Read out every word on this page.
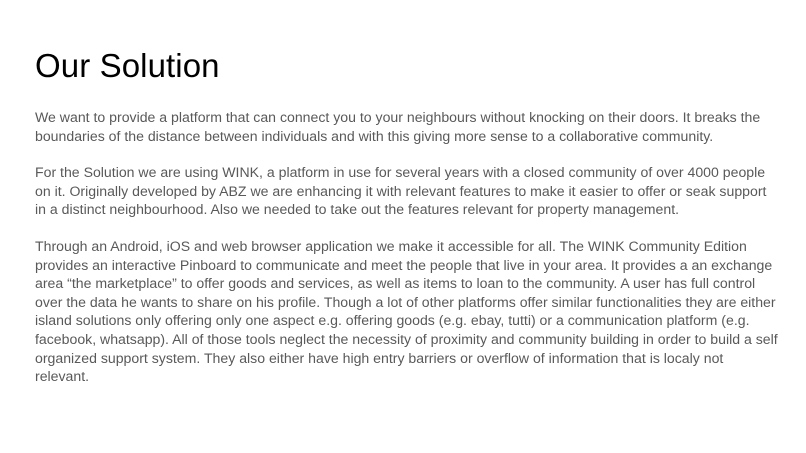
Our Solution

We want to provide a platform that can connect you to your neighbours without knocking on their doors. It breaks the boundaries of the distance between individuals and with this giving more sense to a collaborative community.

For the Solution we are using WINK, a platform in use for several years with a closed community of over 4000 people on it. Originally developed by ABZ we are enhancing it with relevant features to make it easier to offer or seak support in a distinct neighbourhood. Also we needed to take out the features relevant for property management.

Through an Android, iOS and web browser application we make it accessible for all. The WINK Community Edition provides an interactive Pinboard to communicate and meet the people that live in your area. It provides a an exchange area “the marketplace” to offer goods and services, as well as items to loan to the community. A user has full control over the data he wants to share on his profile. Though a lot of other platforms offer similar functionalities they are either island solutions only offering only one aspect e.g. offering goods (e.g. ebay, tutti) or a communication platform (e.g. facebook, whatsapp). All of those tools neglect the necessity of proximity and community building in order to build a self organized support system. They also either have high entry barriers or overflow of information that is localy not relevant.
